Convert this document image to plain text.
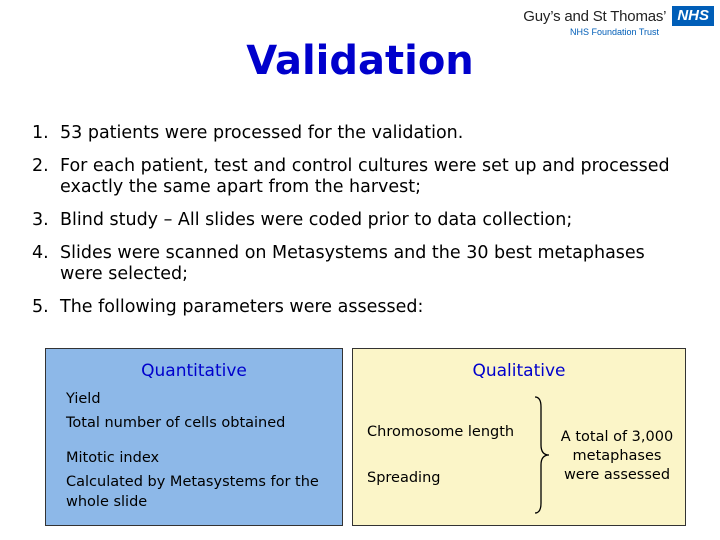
Guy’s and St Thomas’ NHS
NHS Foundation Trust
Validation
1. 53 patients were processed for the validation.
2. For each patient, test and control cultures were set up and processed exactly the same apart from the harvest;
3. Blind study – All slides were coded prior to data collection;
4. Slides were scanned on Metasystems and the 30 best metaphases were selected;
5. The following parameters were assessed:
Quantitative
Yield
Total number of cells obtained
Mitotic index
Calculated by Metasystems for the whole slide
Qualitative
Chromosome length
Spreading
A total of 3,000 metaphases were assessed
